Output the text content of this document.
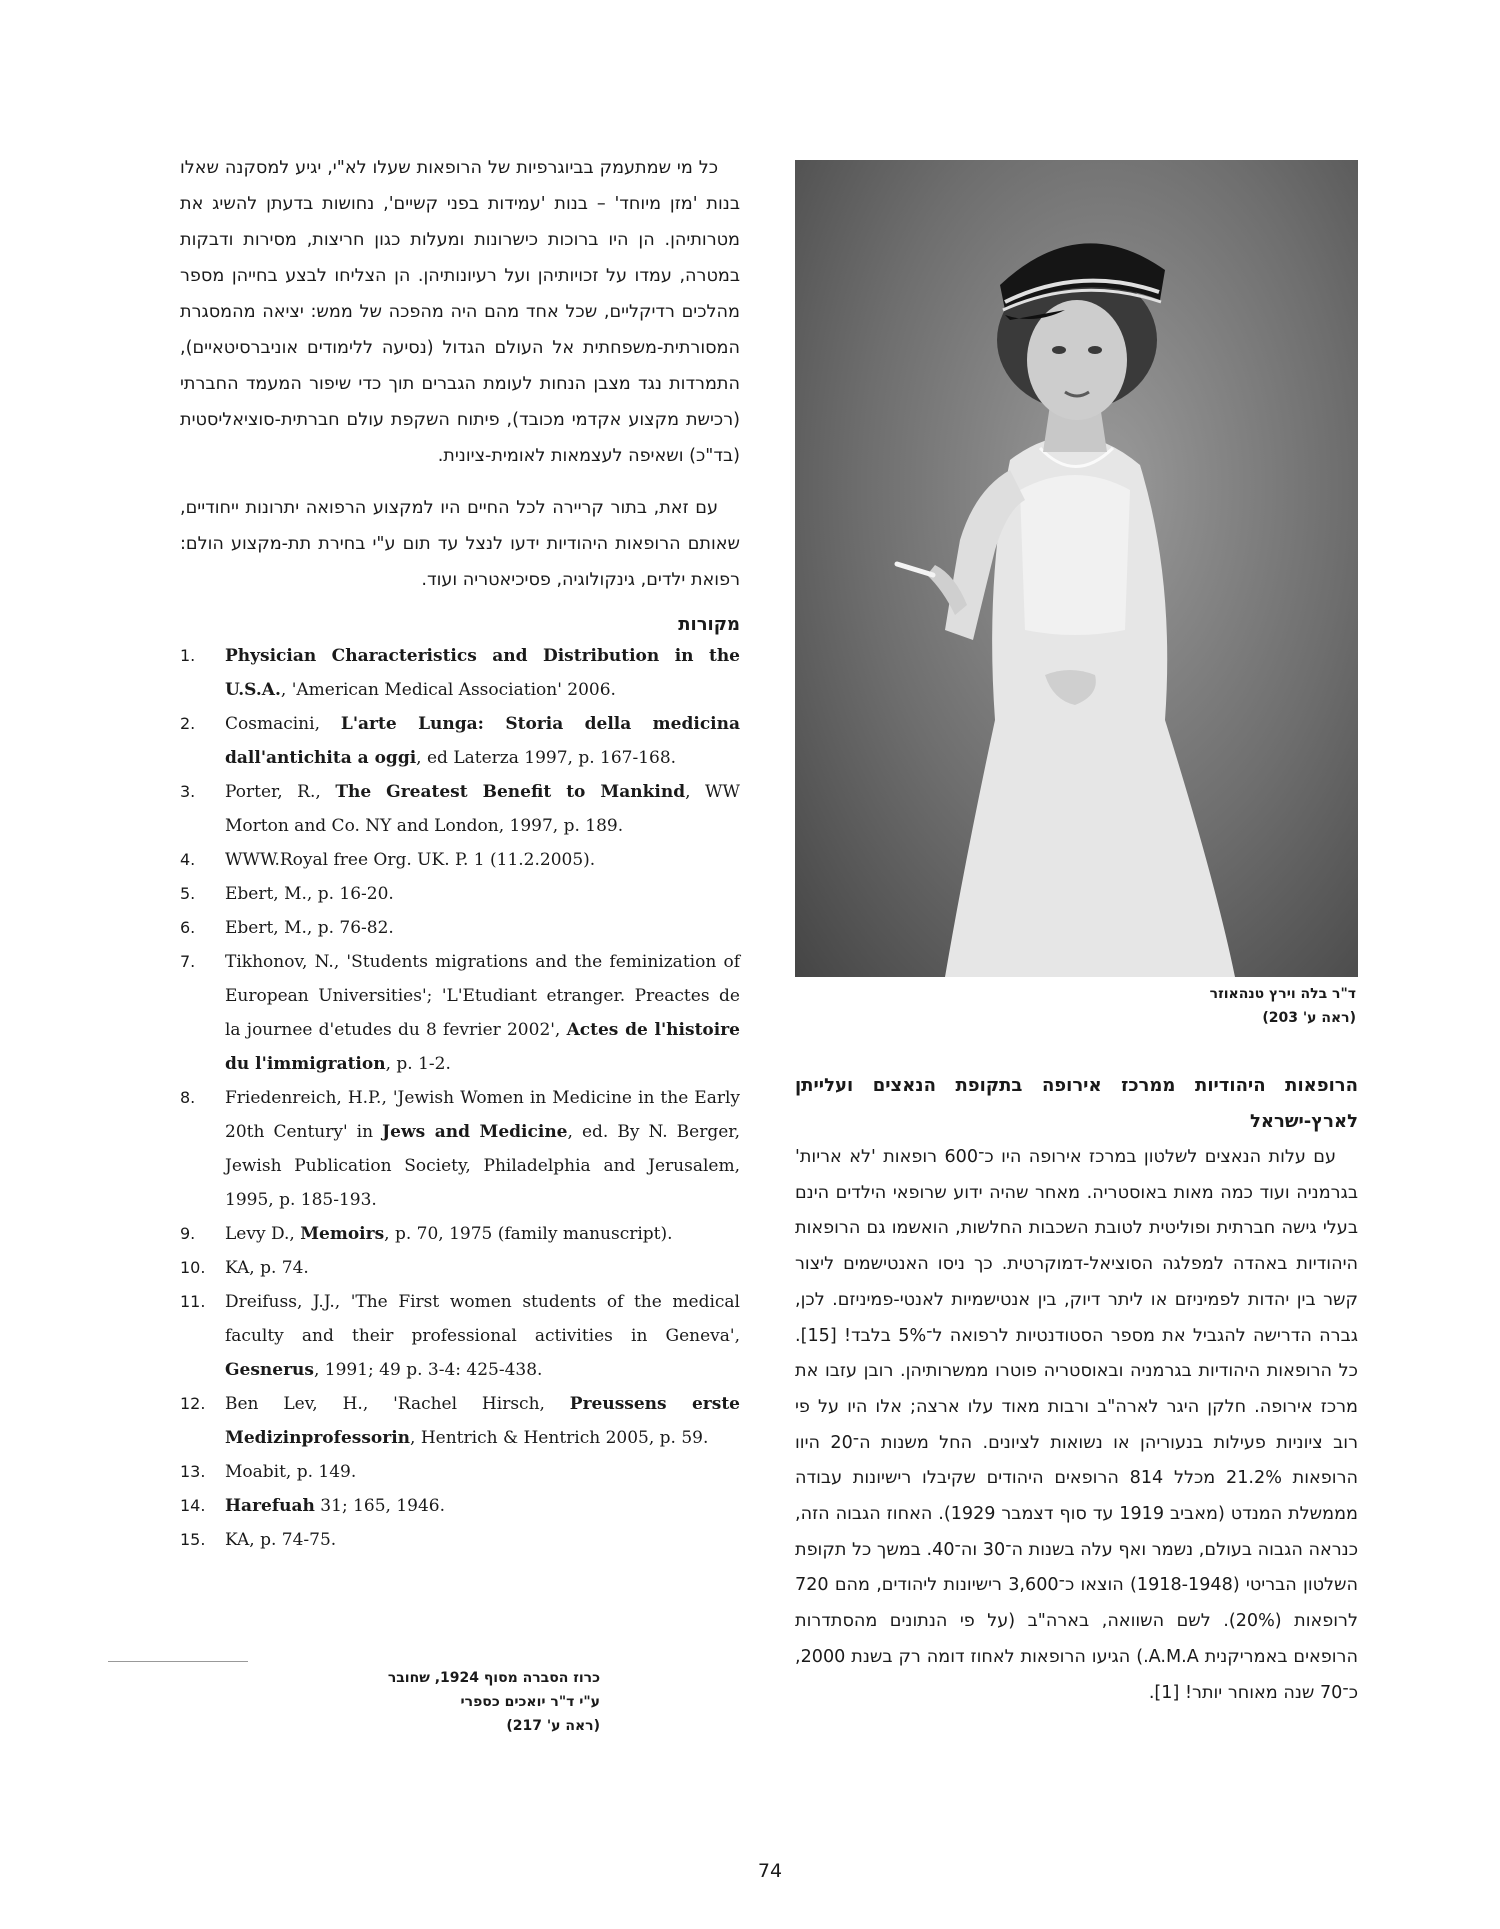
כל מי שמתעמק בביוגרפיות של הרופאות שעלו לא"י, יגיע למסקנה שאלו בנות 'מזן מיוחד' – בנות 'עמידות בפני קשיים', נחושות בדעתן להשיג את מטרותיהן. הן היו ברוכות כישרונות ומעלות כגון חריצות, מסירות ודבקות במטרה, עמדו על זכויותיהן ועל רעיונותיהן. הן הצליחו לבצע בחייהן מספר מהלכים רדיקליים, שכל אחד מהם היה מהפכה של ממש: יציאה מהמסגרת המסורתית-משפחתית אל העולם הגדול (נסיעה ללימודים אוניברסיטאיים), התמרדות נגד מצבן הנחות לעומת הגברים תוך כדי שיפור המעמד החברתי (רכישת מקצוע אקדמי מכובד), פיתוח השקפת עולם חברתית-סוציאליסטית (בד"כ) ושאיפה לעצמאות לאומית-ציונית.

עם זאת, בתור קריירה לכל החיים היו למקצוע הרפואה יתרונות ייחודיים, שאותם הרופאות היהודיות ידעו לנצל עד תום ע"י בחירת תת-מקצוע הולם: רפואת ילדים, גינקולוגיה, פסיכיאטריה ועוד.

מקורות
1.	Physician Characteristics and Distribution in the U.S.A., 'American Medical Association' 2006.
2.	Cosmacini, L'arte Lunga: Storia della medicina dall'antichita a oggi, ed Laterza 1997, p. 167-168.
3.	Porter, R., The Greatest Benefit to Mankind, WW Morton and Co. NY and London, 1997, p. 189.
4.	WWW.Royal free Org. UK. P. 1 (11.2.2005).
5.	Ebert, M., p. 16-20.
6.	Ebert, M., p. 76-82.
7.	Tikhonov, N., 'Students migrations and the feminization of European Universities'; 'L'Etudiant etranger. Preactes de la journee d'etudes du 8 fevrier 2002', Actes de l'histoire du l'immigration, p. 1-2.
8.	Friedenreich, H.P., 'Jewish Women in Medicine in the Early 20th Century' in Jews and Medicine, ed. By N. Berger, Jewish Publication Society, Philadelphia and Jerusalem, 1995, p. 185-193.
9.	Levy D., Memoirs, p. 70, 1975 (family manuscript).
10.	KA, p. 74.
11.	Dreifuss, J.J., 'The First women students of the medical faculty and their professional activities in Geneva', Gesnerus, 1991; 49 p. 3-4: 425-438.
12.	Ben Lev, H., 'Rachel Hirsch, Preussens erste Medizinprofessorin, Hentrich & Hentrich 2005, p. 59.
13.	Moabit, p. 149.
14.	Harefuah 31; 165, 1946.
15.	KA, p. 74-75.
כרוז הסברה מסוף 1924, שחובר ע"י ד"ר יואכים כספרי
(ראה ע' 217)
ד"ר בלה וירץ טנהאוזר
(ראה ע' 203)
הרופאות היהודיות ממרכז אירופה בתקופת הנאצים ועלייתן לארץ-ישראל

עם עלות הנאצים לשלטון במרכז אירופה היו כ־600 רופאות 'לא אריות' בגרמניה ועוד כמה מאות באוסטריה. מאחר שהיה ידוע שרופאי הילדים הינם בעלי גישה חברתית ופוליטית לטובת השכבות החלשות, הואשמו גם הרופאות היהודיות באהדה למפלגה הסוציאל-דמוקרטית. כך ניסו האנטישמים ליצור קשר בין יהדות לפמיניזם או ליתר דיוק, בין אנטישמיות לאנטי-פמיניזם. לכן, גברה הדרישה להגביל את מספר הסטודנטיות לרפואה ל־5% בלבד! [15]. כל הרופאות היהודיות בגרמניה ובאוסטריה פוטרו ממשרותיהן. רובן עזבו את מרכז אירופה. חלקן היגר לארה"ב ורבות מאוד עלו ארצה; אלו היו על פי רוב ציוניות פעילות בנעוריהן או נשואות לציונים. החל משנות ה־20 היוו הרופאות 21.2% מכלל 814 הרופאים היהודים שקיבלו רישיונות עבודה מממשלת המנדט (מאביב 1919 עד סוף דצמבר 1929). האחוז הגבוה הזה, כנראה הגבוה בעולם, נשמר ואף עלה בשנות ה־30 וה־40. במשך כל תקופת השלטון הבריטי (1918-1948) הוצאו כ־3,600 רישיונות ליהודים, מהם 720 לרופאות (20%). לשם השוואה, בארה"ב (על פי הנתונים מהסתדרות הרופאים באמריקנית A.M.A.) הגיעו הרופאות לאחוז דומה רק בשנת 2000, כ־70 שנה מאוחר יותר! [1].

74
